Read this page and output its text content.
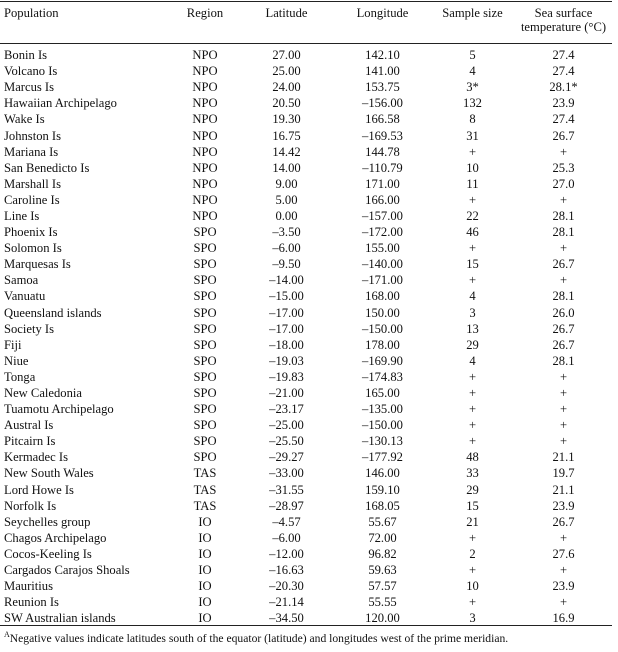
Population	Region	Latitude	Longitude	Sample size	Sea surface temperature (°C)
Bonin Is	NPO	27.00	142.10	5	27.4
Volcano Is	NPO	25.00	141.00	4	27.4
Marcus Is	NPO	24.00	153.75	3*	28.1*
Hawaiian Archipelago	NPO	20.50	–156.00	132	23.9
Wake Is	NPO	19.30	166.58	8	27.4
Johnston Is	NPO	16.75	–169.53	31	26.7
Mariana Is	NPO	14.42	144.78	+	+
San Benedicto Is	NPO	14.00	–110.79	10	25.3
Marshall Is	NPO	9.00	171.00	11	27.0
Caroline Is	NPO	5.00	166.00	+	+
Line Is	NPO	0.00	–157.00	22	28.1
Phoenix Is	SPO	–3.50	–172.00	46	28.1
Solomon Is	SPO	–6.00	155.00	+	+
Marquesas Is	SPO	–9.50	–140.00	15	26.7
Samoa	SPO	–14.00	–171.00	+	+
Vanuatu	SPO	–15.00	168.00	4	28.1
Queensland islands	SPO	–17.00	150.00	3	26.0
Society Is	SPO	–17.00	–150.00	13	26.7
Fiji	SPO	–18.00	178.00	29	26.7
Niue	SPO	–19.03	–169.90	4	28.1
Tonga	SPO	–19.83	–174.83	+	+
New Caledonia	SPO	–21.00	165.00	+	+
Tuamotu Archipelago	SPO	–23.17	–135.00	+	+
Austral Is	SPO	–25.00	–150.00	+	+
Pitcairn Is	SPO	–25.50	–130.13	+	+
Kermadec Is	SPO	–29.27	–177.92	48	21.1
New South Wales	TAS	–33.00	146.00	33	19.7
Lord Howe Is	TAS	–31.55	159.10	29	21.1
Norfolk Is	TAS	–28.97	168.05	15	23.9
Seychelles group	IO	–4.57	55.67	21	26.7
Chagos Archipelago	IO	–6.00	72.00	+	+
Cocos-Keeling Is	IO	–12.00	96.82	2	27.6
Cargados Carajos Shoals	IO	–16.63	59.63	+	+
Mauritius	IO	–20.30	57.57	10	23.9
Reunion Is	IO	–21.14	55.55	+	+
SW Australian islands	IO	–34.50	120.00	3	16.9
$^A$Negative values indicate latitudes south of the equator (latitude) and longitudes west of the prime meridian.
